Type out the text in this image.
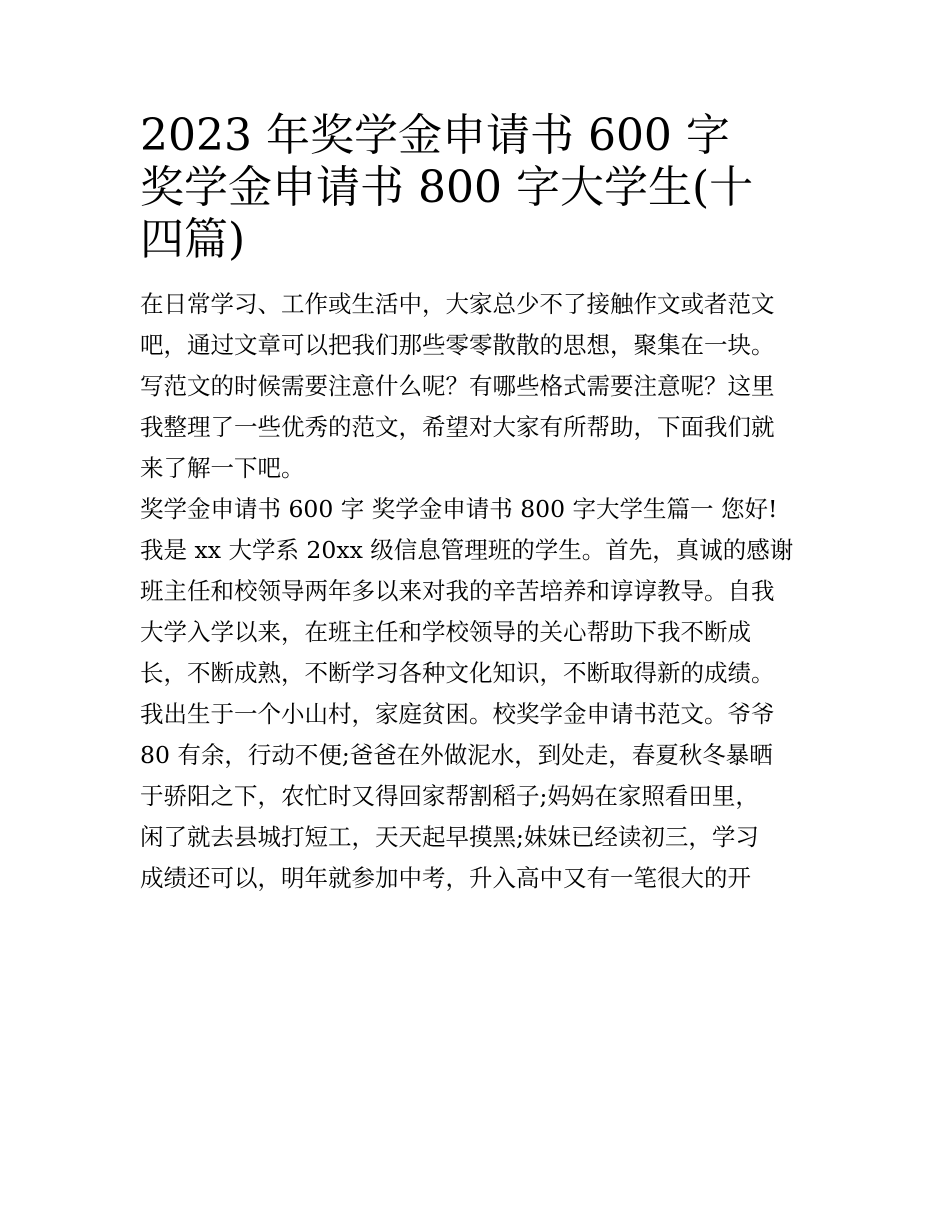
2023 年奖学金申请书 600 字
奖学金申请书 800 字大学生(十
四篇)
在日常学习、工作或生活中，大家总少不了接触作文或者范文
吧，通过文章可以把我们那些零零散散的思想，聚集在一块。
写范文的时候需要注意什么呢？有哪些格式需要注意呢？这里
我整理了一些优秀的范文，希望对大家有所帮助，下面我们就
来了解一下吧。
奖学金申请书 600 字 奖学金申请书 800 字大学生篇一 您好!
我是 xx 大学系 20xx 级信息管理班的学生。首先，真诚的感谢
班主任和校领导两年多以来对我的辛苦培养和谆谆教导。自我
大学入学以来，在班主任和学校领导的关心帮助下我不断成
长，不断成熟，不断学习各种文化知识，不断取得新的成绩。
我出生于一个小山村，家庭贫困。校奖学金申请书范文。爷爷
80 有余，行动不便;爸爸在外做泥水，到处走，春夏秋冬暴晒
于骄阳之下，农忙时又得回家帮割稻子;妈妈在家照看田里，
闲了就去县城打短工，天天起早摸黑;妹妹已经读初三，学习
成绩还可以，明年就参加中考，升入高中又有一笔很大的开
